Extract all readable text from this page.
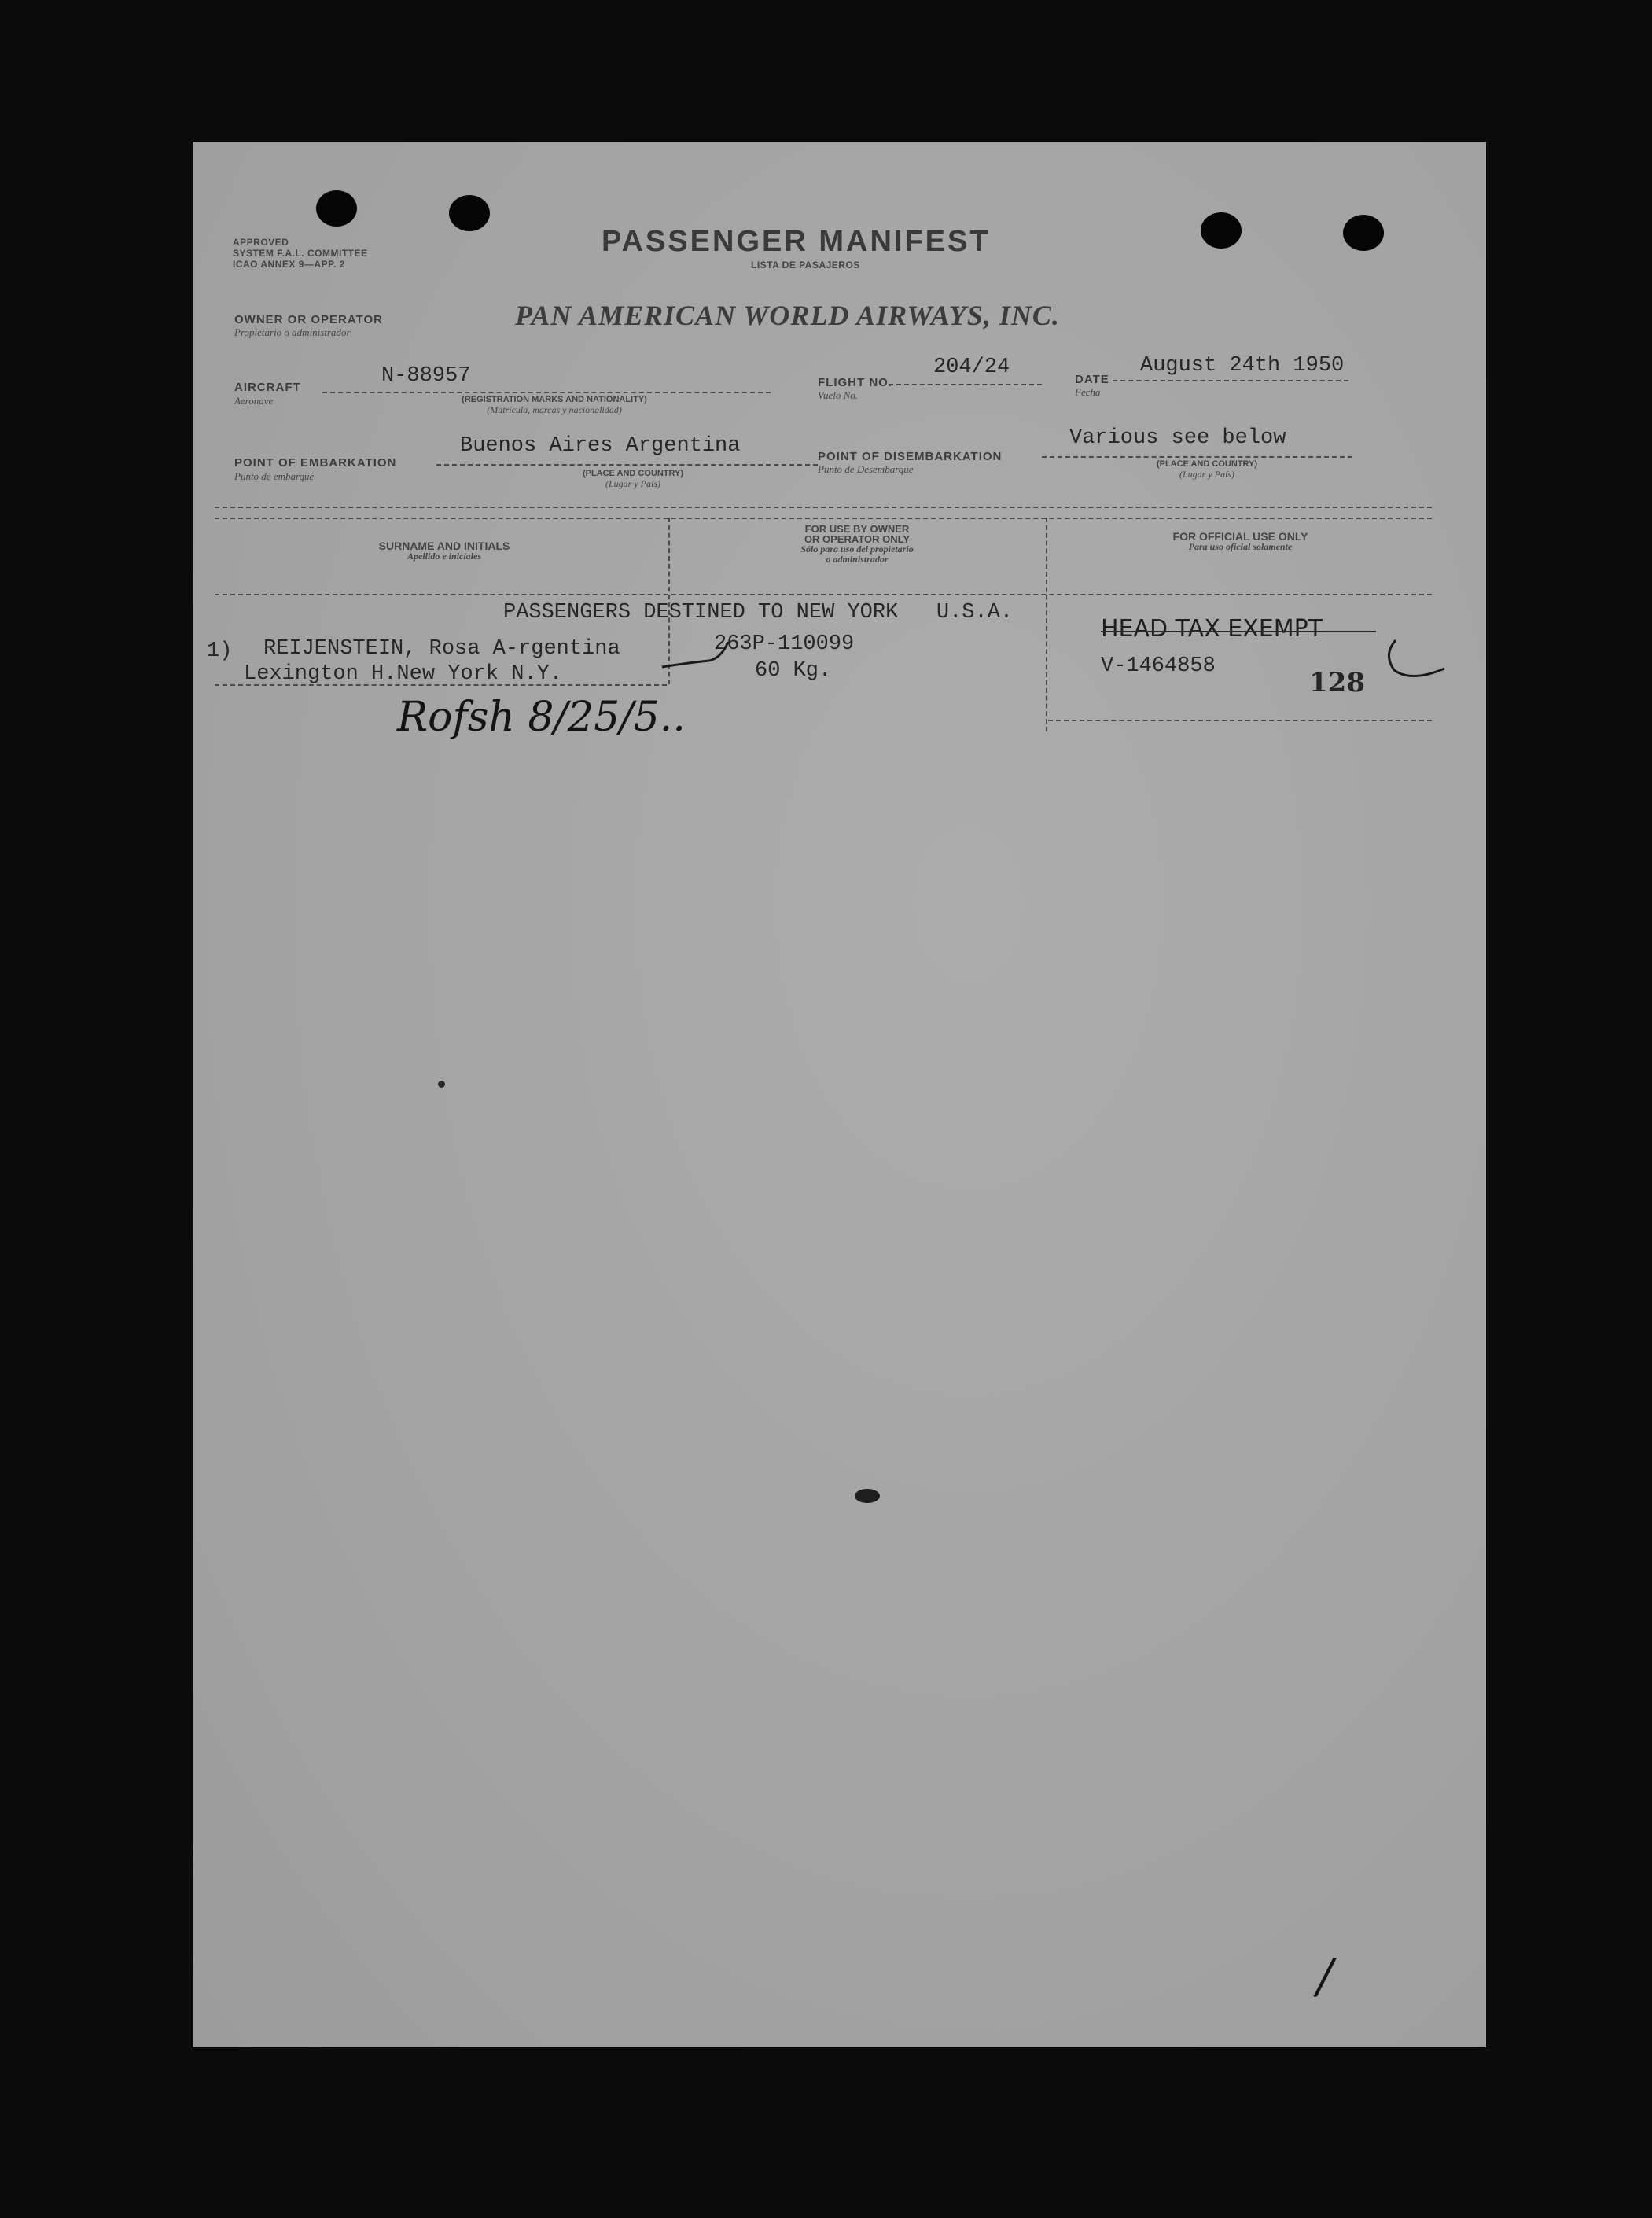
APPROVED
SYSTEM F.A.L. COMMITTEE
ICAO ANNEX 9—APP. 2
PASSENGER MANIFEST
LISTA DE PASAJEROS
OWNER OR OPERATOR
Propietario o administrador
PAN AMERICAN WORLD AIRWAYS, INC.
AIRCRAFT
Aeronave
N-88957
(REGISTRATION MARKS AND NATIONALITY)
(Matrícula, marcas y nacionalidad)
FLIGHT NO.
Vuelo No.
204/24
DATE
Fecha
August 24th 1950
POINT OF EMBARKATION
Punto de embarque
Buenos Aires Argentina
(PLACE AND COUNTRY)
(Lugar y País)
POINT OF DISEMBARKATION
Punto de Desembarque
Various see below
(PLACE AND COUNTRY)
(Lugar y País)
SURNAME AND INITIALS
Apellido e iniciales
FOR USE BY OWNER
OR OPERATOR ONLY
Sólo para uso del propietario
o administrador
FOR OFFICIAL USE ONLY
Para uso oficial solamente
PASSENGERS DESTINED TO NEW YORK   U.S.A.
1) REIJENSTEIN, Rosa A-rgentina
Lexington H.New York N.Y.
263P-110099
60 Kg.
HEAD TAX EXEMPT
V-1464858
128
Rofsh 8/25/5..
/
